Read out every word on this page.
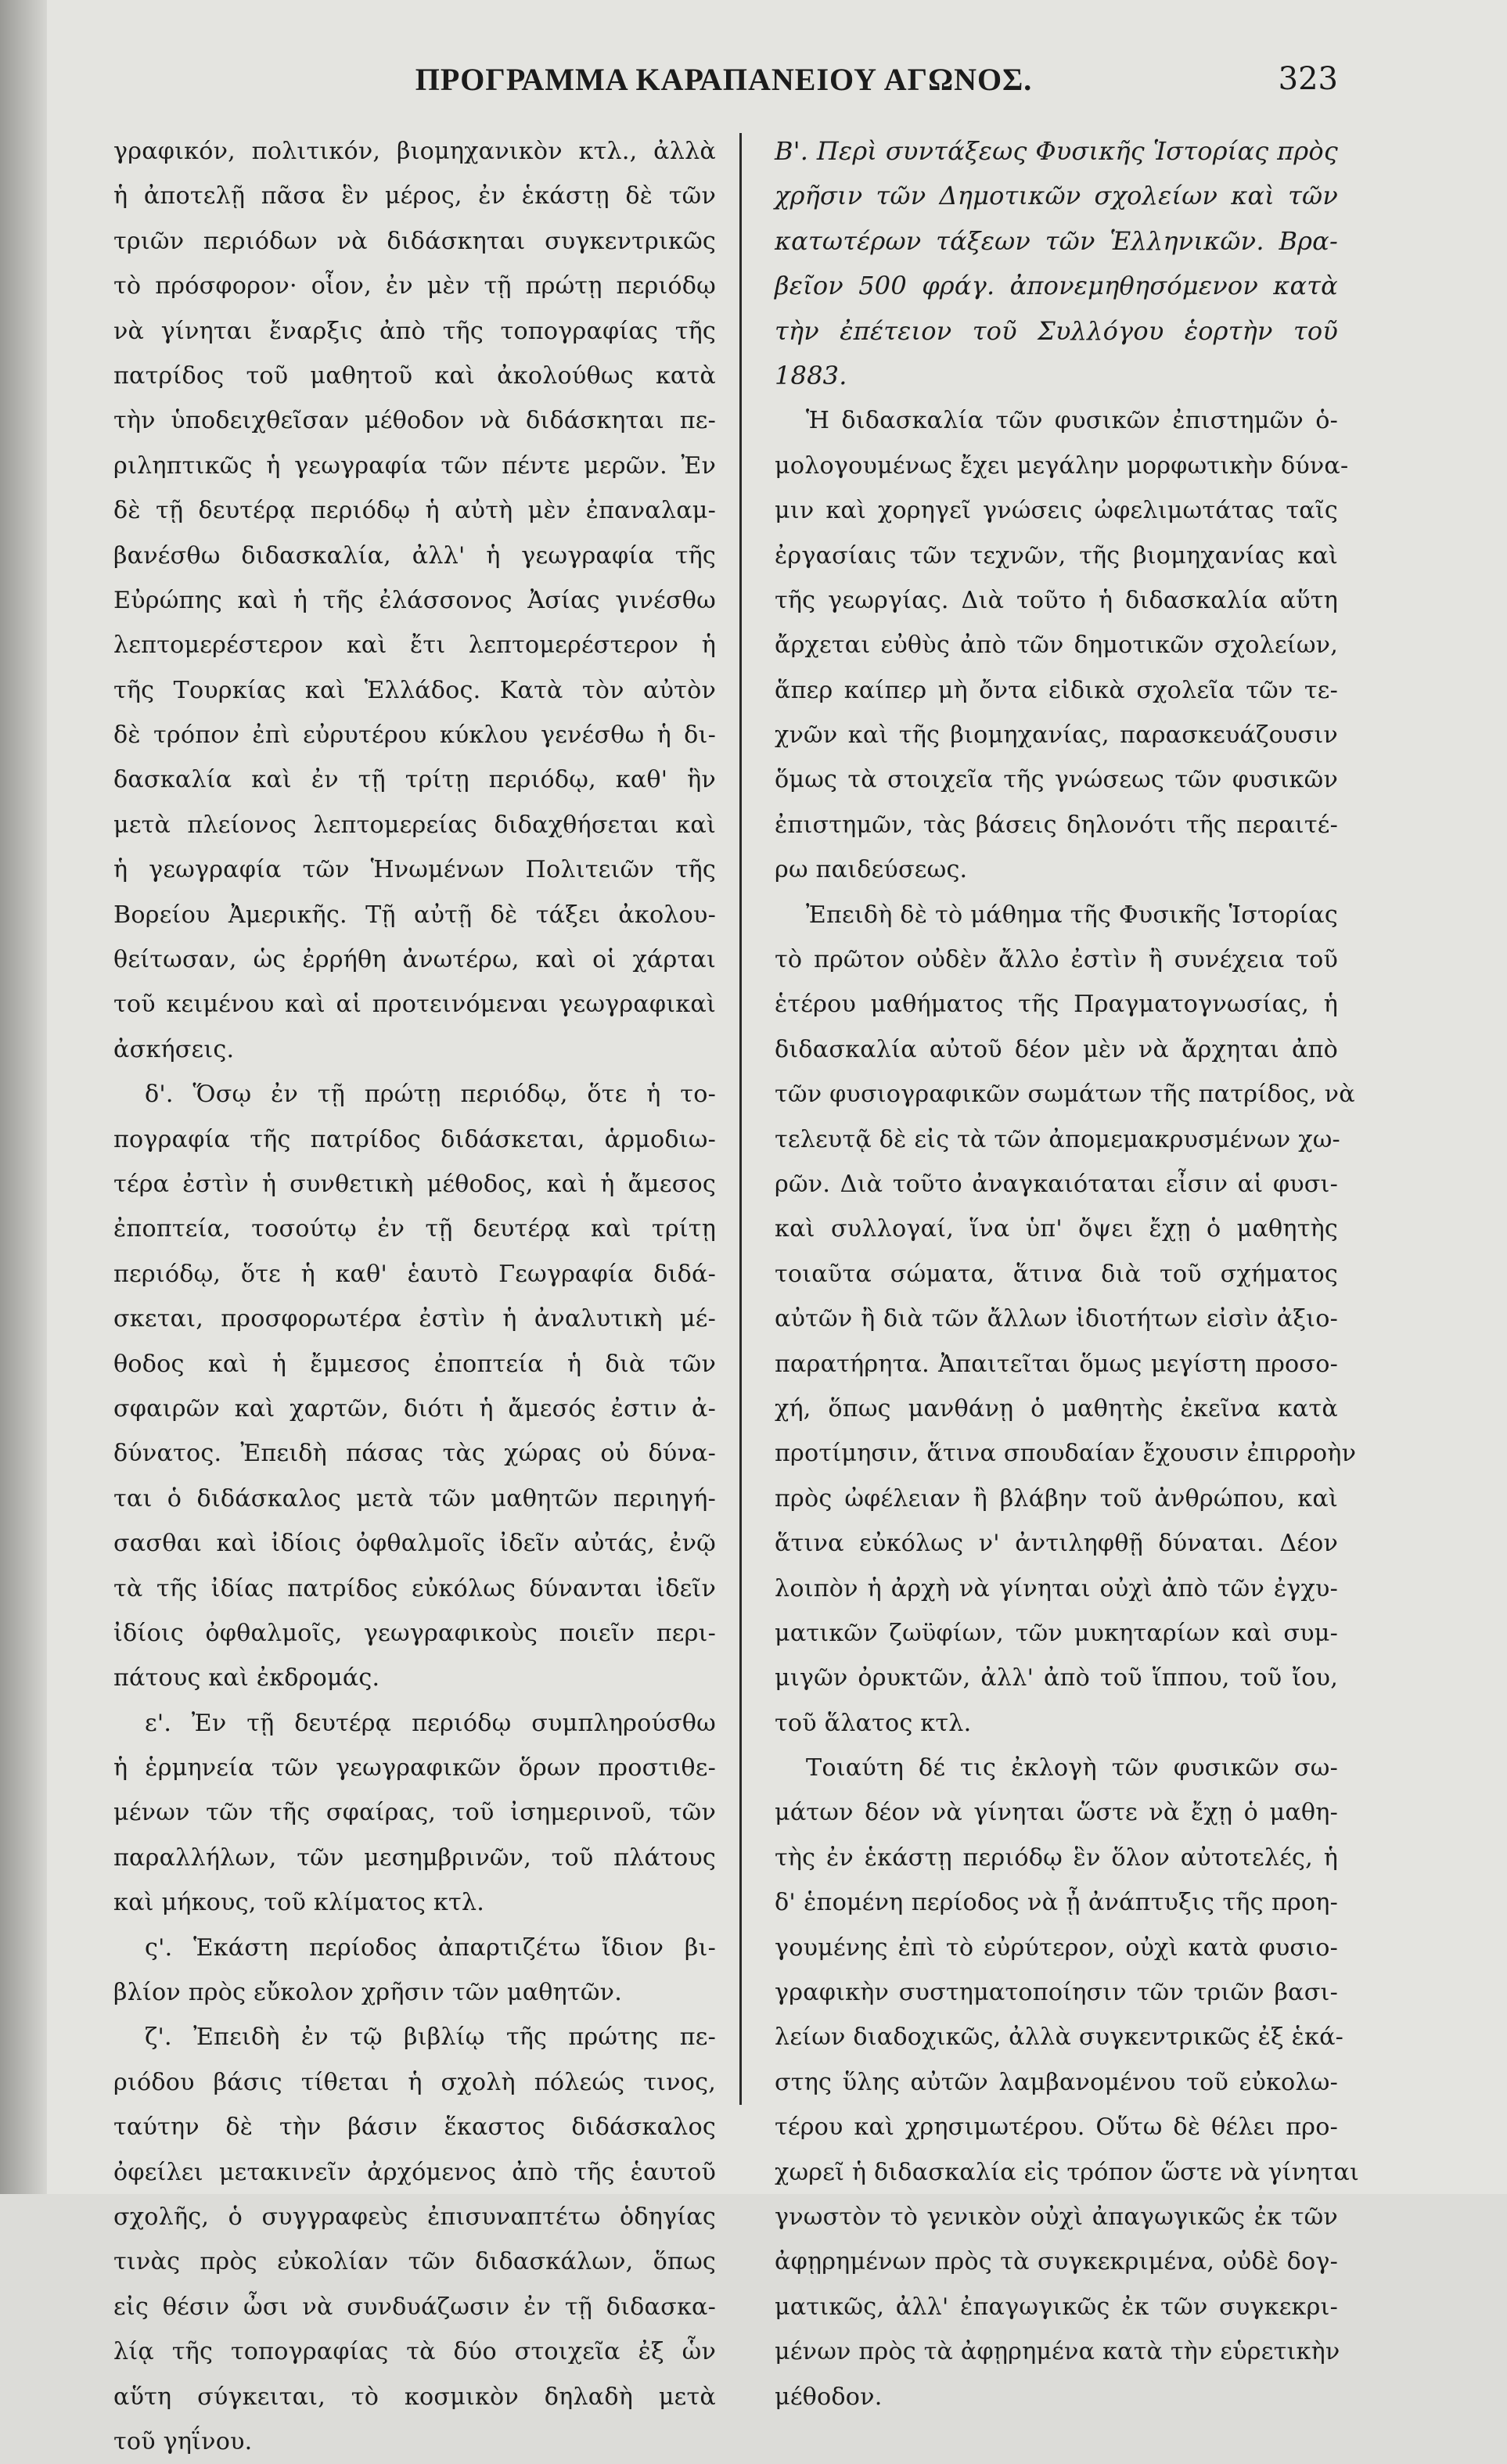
ΠΡΟΓΡΑΜΜΑ ΚΑΡΑΠΑΝΕΙΟΥ ΑΓΩΝΟΣ.	323
γραφικόν, πολιτικόν, βιομηχανικὸν κτλ., ἀλλὰ
ἡ ἀποτελῇ πᾶσα ἓν μέρος, ἐν ἑκάστῃ δὲ τῶν
τριῶν περιόδων νὰ διδάσκηται συγκεντρικῶς
τὸ πρόσφορον· οἷον, ἐν μὲν τῇ πρώτῃ περιόδῳ
νὰ γίνηται ἔναρξις ἀπὸ τῆς τοπογραφίας τῆς
πατρίδος τοῦ μαθητοῦ καὶ ἀκολούθως κατὰ
τὴν ὑποδειχθεῖσαν μέθοδον νὰ διδάσκηται πε-
ριληπτικῶς ἡ γεωγραφία τῶν πέντε μερῶν. Ἐν
δὲ τῇ δευτέρᾳ περιόδῳ ἡ αὐτὴ μὲν ἐπαναλαμ-
βανέσθω διδασκαλία, ἀλλ' ἡ γεωγραφία τῆς
Εὐρώπης καὶ ἡ τῆς ἐλάσσονος Ἀσίας γινέσθω
λεπτομερέστερον καὶ ἔτι λεπτομερέστερον ἡ
τῆς Τουρκίας καὶ Ἑλλάδος. Κατὰ τὸν αὐτὸν
δὲ τρόπον ἐπὶ εὐρυτέρου κύκλου γενέσθω ἡ δι-
δασκαλία καὶ ἐν τῇ τρίτῃ περιόδῳ, καθ' ἣν
μετὰ πλείονος λεπτομερείας διδαχθήσεται καὶ
ἡ γεωγραφία τῶν Ἡνωμένων Πολιτειῶν τῆς
Βορείου Ἀμερικῆς. Τῇ αὐτῇ δὲ τάξει ἀκολου-
θείτωσαν, ὡς ἐρρήθη ἀνωτέρω, καὶ οἱ χάρται
τοῦ κειμένου καὶ αἱ προτεινόμεναι γεωγραφικαὶ
ἀσκήσεις.
δ'. Ὅσῳ ἐν τῇ πρώτῃ περιόδῳ, ὅτε ἡ το-
πογραφία τῆς πατρίδος διδάσκεται, ἁρμοδιω-
τέρα ἐστὶν ἡ συνθετικὴ μέθοδος, καὶ ἡ ἄμεσος
ἐποπτεία, τοσούτῳ ἐν τῇ δευτέρᾳ καὶ τρίτῃ
περιόδῳ, ὅτε ἡ καθ' ἑαυτὸ Γεωγραφία διδά-
σκεται, προσφορωτέρα ἐστὶν ἡ ἀναλυτικὴ μέ-
θοδος καὶ ἡ ἔμμεσος ἐποπτεία ἡ διὰ τῶν
σφαιρῶν καὶ χαρτῶν, διότι ἡ ἄμεσός ἐστιν ἀ-
δύνατος. Ἐπειδὴ πάσας τὰς χώρας οὐ δύνα-
ται ὁ διδάσκαλος μετὰ τῶν μαθητῶν περιηγή-
σασθαι καὶ ἰδίοις ὀφθαλμοῖς ἰδεῖν αὐτάς, ἐνῷ
τὰ τῆς ἰδίας πατρίδος εὐκόλως δύνανται ἰδεῖν
ἰδίοις ὀφθαλμοῖς, γεωγραφικοὺς ποιεῖν περι-
πάτους καὶ ἐκδρομάς.
ε'. Ἐν τῇ δευτέρᾳ περιόδῳ συμπληρούσθω
ἡ ἑρμηνεία τῶν γεωγραφικῶν ὅρων προστιθε-
μένων τῶν τῆς σφαίρας, τοῦ ἰσημερινοῦ, τῶν
παραλλήλων, τῶν μεσημβρινῶν, τοῦ πλάτους
καὶ μήκους, τοῦ κλίματος κτλ.
ς'. Ἑκάστη περίοδος ἀπαρτιζέτω ἴδιον βι-
βλίον πρὸς εὔκολον χρῆσιν τῶν μαθητῶν.
ζ'. Ἐπειδὴ ἐν τῷ βιβλίῳ τῆς πρώτης πε-
ριόδου βάσις τίθεται ἡ σχολὴ πόλεώς τινος,
ταύτην δὲ τὴν βάσιν ἕκαστος διδάσκαλος
ὀφείλει μετακινεῖν ἀρχόμενος ἀπὸ τῆς ἑαυτοῦ
σχολῆς, ὁ συγγραφεὺς ἐπισυναπτέτω ὁδηγίας
τινὰς πρὸς εὐκολίαν τῶν διδασκάλων, ὅπως
εἰς θέσιν ὦσι νὰ συνδυάζωσιν ἐν τῇ διδασκα-
λίᾳ τῆς τοπογραφίας τὰ δύο στοιχεῖα ἐξ ὧν
αὕτη σύγκειται, τὸ κοσμικὸν δηλαδὴ μετὰ
τοῦ γηΐνου.
Β'. Περὶ συντάξεως Φυσικῆς Ἱστορίας πρὸς
χρῆσιν τῶν Δημοτικῶν σχολείων καὶ τῶν
κατωτέρων τάξεων τῶν Ἑλληνικῶν. Βρα-
βεῖον 500 φράγ. ἀπονεμηθησόμενον κατὰ
τὴν ἐπέτειον τοῦ Συλλόγου ἑορτὴν τοῦ
1883.
Ἡ διδασκαλία τῶν φυσικῶν ἐπιστημῶν ὁ-
μολογουμένως ἔχει μεγάλην μορφωτικὴν δύνα-
μιν καὶ χορηγεῖ γνώσεις ὠφελιμωτάτας ταῖς
ἐργασίαις τῶν τεχνῶν, τῆς βιομηχανίας καὶ
τῆς γεωργίας. Διὰ τοῦτο ἡ διδασκαλία αὕτη
ἄρχεται εὐθὺς ἀπὸ τῶν δημοτικῶν σχολείων,
ἅπερ καίπερ μὴ ὄντα εἰδικὰ σχολεῖα τῶν τε-
χνῶν καὶ τῆς βιομηχανίας, παρασκευάζουσιν
ὅμως τὰ στοιχεῖα τῆς γνώσεως τῶν φυσικῶν
ἐπιστημῶν, τὰς βάσεις δηλονότι τῆς περαιτέ-
ρω παιδεύσεως.
Ἐπειδὴ δὲ τὸ μάθημα τῆς Φυσικῆς Ἱστορίας
τὸ πρῶτον οὐδὲν ἄλλο ἐστὶν ἢ συνέχεια τοῦ
ἑτέρου μαθήματος τῆς Πραγματογνωσίας, ἡ
διδασκαλία αὐτοῦ δέον μὲν νὰ ἄρχηται ἀπὸ
τῶν φυσιογραφικῶν σωμάτων τῆς πατρίδος, νὰ
τελευτᾷ δὲ εἰς τὰ τῶν ἀπομεμακρυσμένων χω-
ρῶν. Διὰ τοῦτο ἀναγκαιόταται εἶσιν αἱ φυσι-
καὶ συλλογαί, ἵνα ὑπ' ὄψει ἔχῃ ὁ μαθητὴς
τοιαῦτα σώματα, ἅτινα διὰ τοῦ σχήματος
αὐτῶν ἢ διὰ τῶν ἄλλων ἰδιοτήτων εἰσὶν ἀξιο-
παρατήρητα. Ἀπαιτεῖται ὅμως μεγίστη προσο-
χή, ὅπως μανθάνῃ ὁ μαθητὴς ἐκεῖνα κατὰ
προτίμησιν, ἅτινα σπουδαίαν ἔχουσιν ἐπιρροὴν
πρὸς ὠφέλειαν ἢ βλάβην τοῦ ἀνθρώπου, καὶ
ἅτινα εὐκόλως ν' ἀντιληφθῇ δύναται. Δέον
λοιπὸν ἡ ἀρχὴ νὰ γίνηται οὐχὶ ἀπὸ τῶν ἐγχυ-
ματικῶν ζωϋφίων, τῶν μυκηταρίων καὶ συμ-
μιγῶν ὀρυκτῶν, ἀλλ' ἀπὸ τοῦ ἵππου, τοῦ ἴου,
τοῦ ἅλατος κτλ.
Τοιαύτη δέ τις ἐκλογὴ τῶν φυσικῶν σω-
μάτων δέον νὰ γίνηται ὥστε νὰ ἔχῃ ὁ μαθη-
τὴς ἐν ἑκάστῃ περιόδῳ ἓν ὅλον αὐτοτελές, ἡ
δ' ἑπομένη περίοδος νὰ ᾖ ἀνάπτυξις τῆς προη-
γουμένης ἐπὶ τὸ εὐρύτερον, οὐχὶ κατὰ φυσιο-
γραφικὴν συστηματοποίησιν τῶν τριῶν βασι-
λείων διαδοχικῶς, ἀλλὰ συγκεντρικῶς ἐξ ἑκά-
στης ὕλης αὐτῶν λαμβανομένου τοῦ εὐκολω-
τέρου καὶ χρησιμωτέρου. Οὕτω δὲ θέλει προ-
χωρεῖ ἡ διδασκαλία εἰς τρόπον ὥστε νὰ γίνηται
γνωστὸν τὸ γενικὸν οὐχὶ ἀπαγωγικῶς ἐκ τῶν
ἀφῃρημένων πρὸς τὰ συγκεκριμένα, οὐδὲ δογ-
ματικῶς, ἀλλ' ἐπαγωγικῶς ἐκ τῶν συγκεκρι-
μένων πρὸς τὰ ἀφῃρημένα κατὰ τὴν εὑρετικὴν
μέθοδον.
